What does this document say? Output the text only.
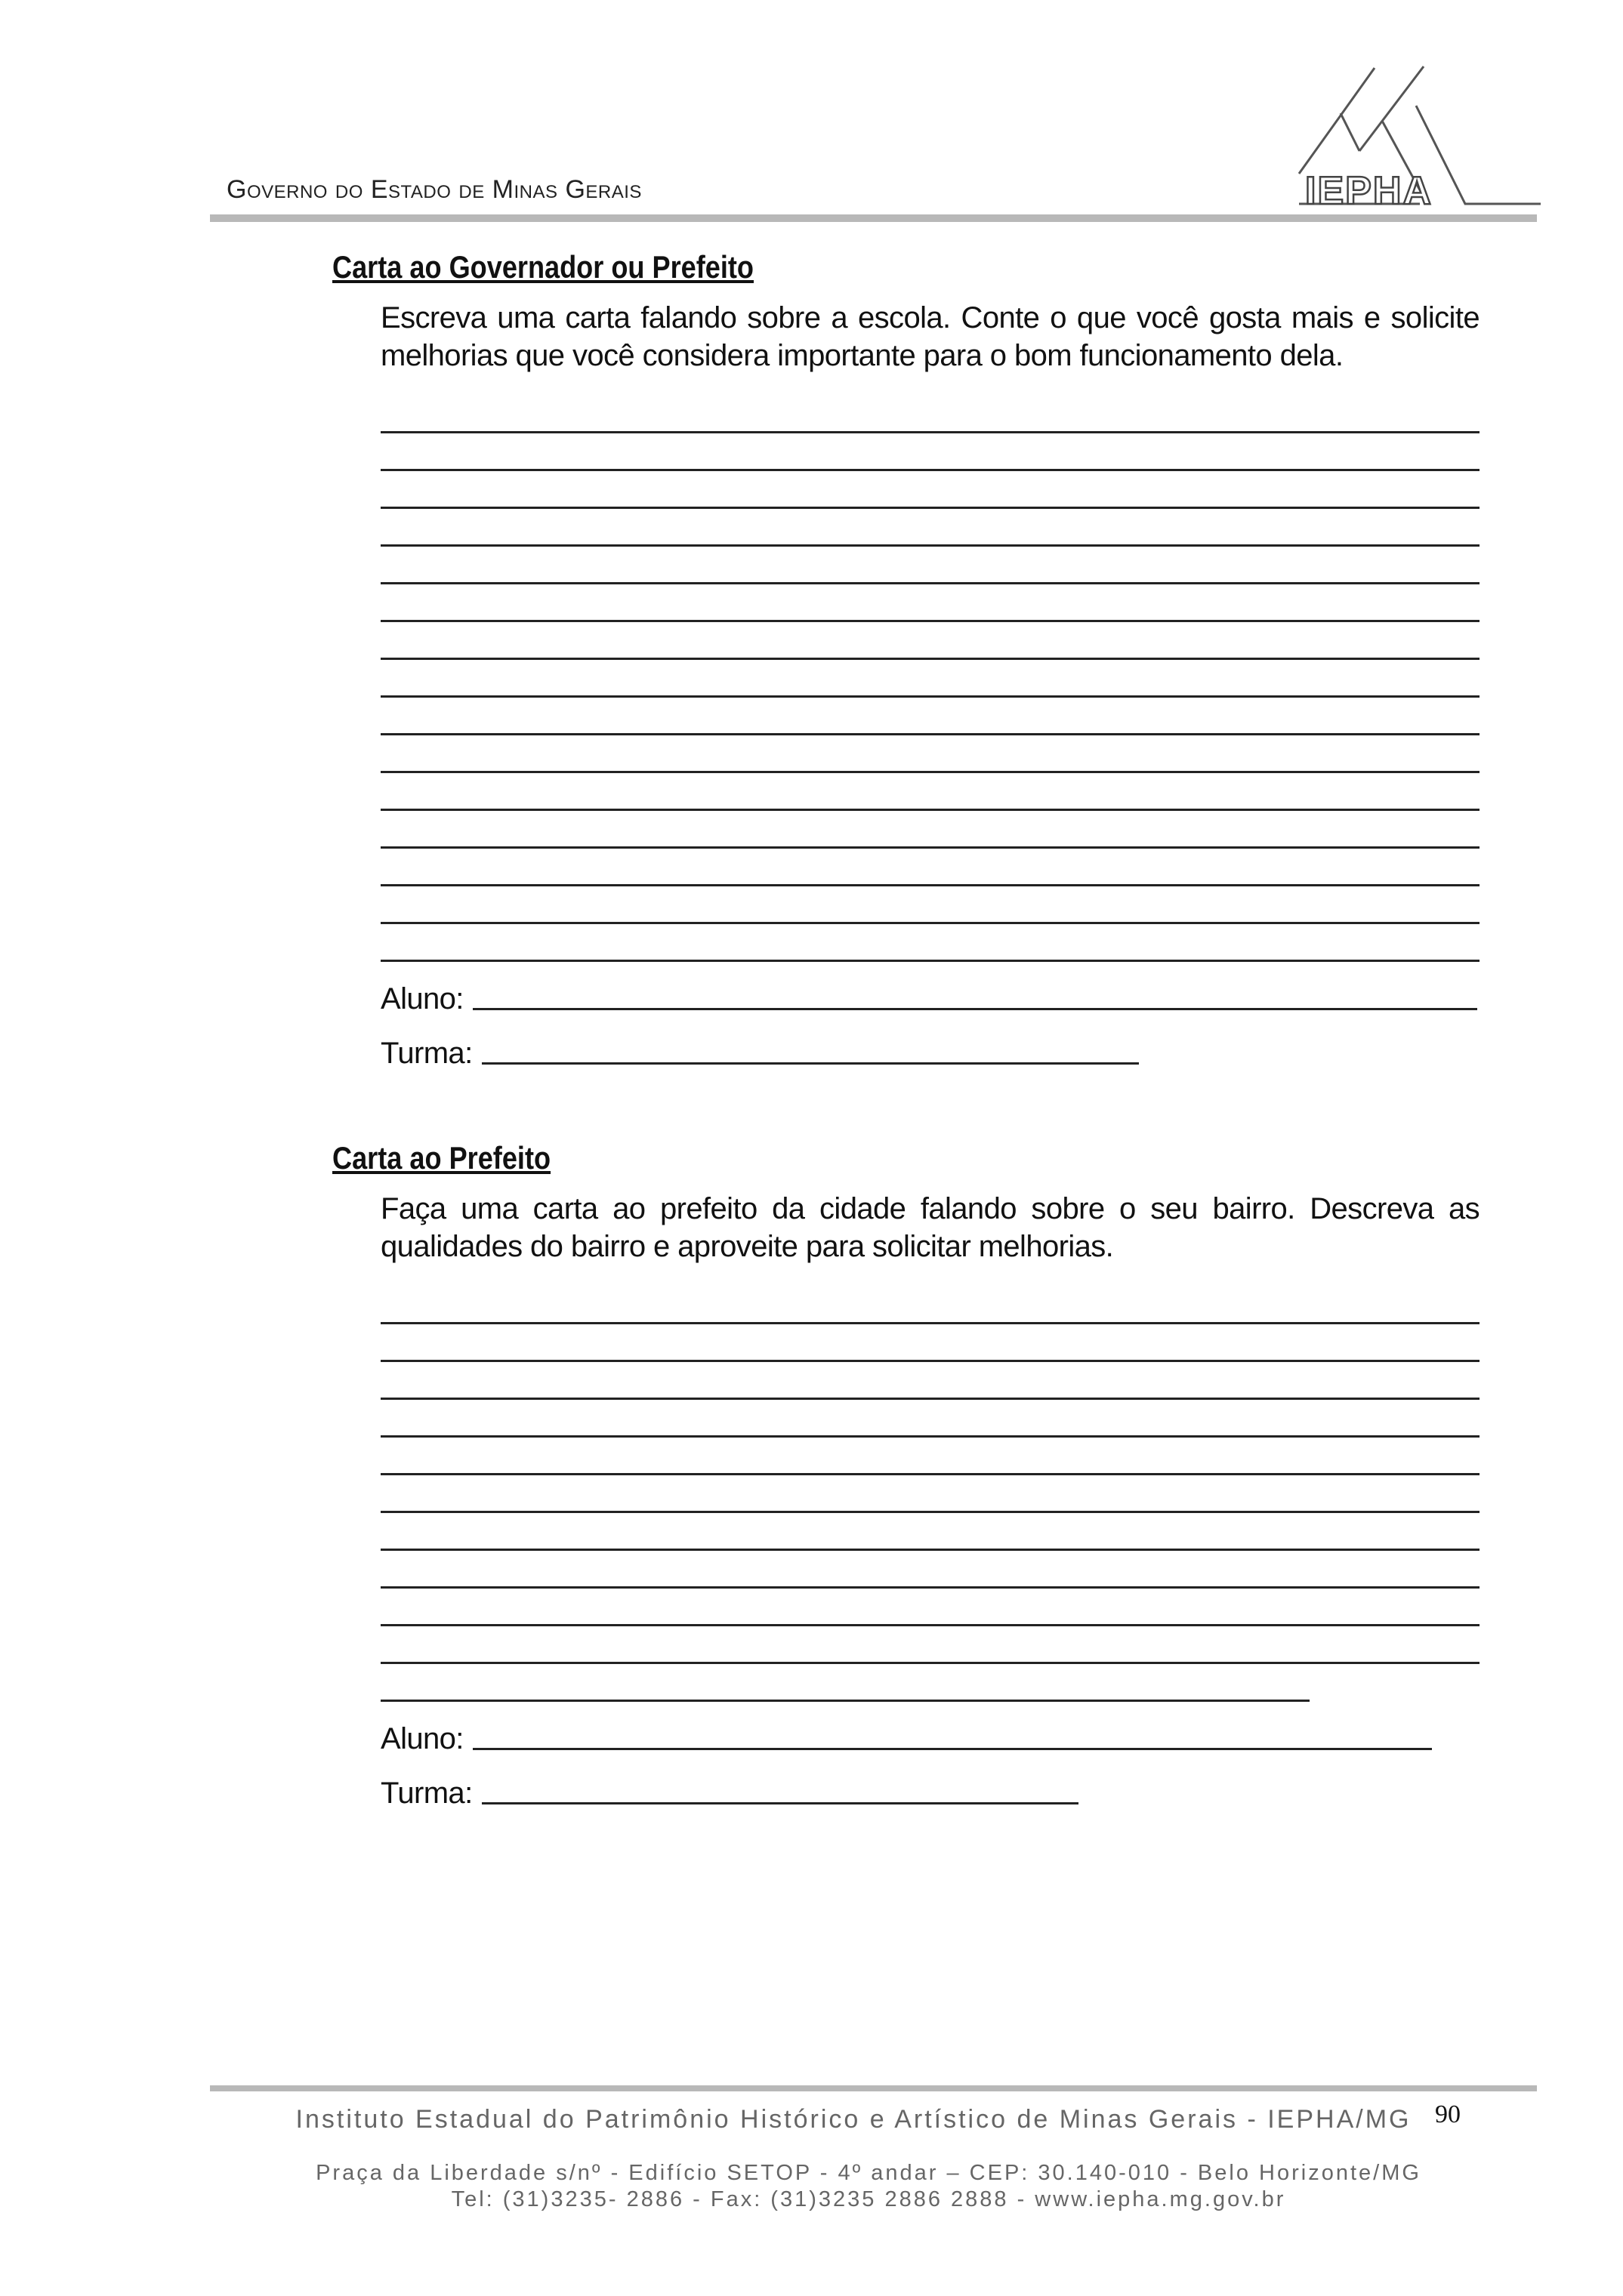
Governo do Estado de Minas Gerais	IEPHA
Carta ao Governador ou Prefeito
Escreva uma carta falando sobre a escola. Conte o que você gosta mais e solicite melhorias que você considera importante para o bom funcionamento dela.
Aluno:
Turma:
Carta ao Prefeito
Faça uma carta ao prefeito da cidade falando sobre o seu bairro. Descreva as qualidades do bairro e aproveite para solicitar melhorias.
Aluno:
Turma:
Instituto Estadual do Patrimônio Histórico e Artístico de Minas Gerais - IEPHA/MG 90
Praça da Liberdade s/nº - Edifício SETOP - 4º andar – CEP: 30.140-010 - Belo Horizonte/MG
Tel: (31)3235- 2886 - Fax: (31)3235 2886 2888 - www.iepha.mg.gov.br
